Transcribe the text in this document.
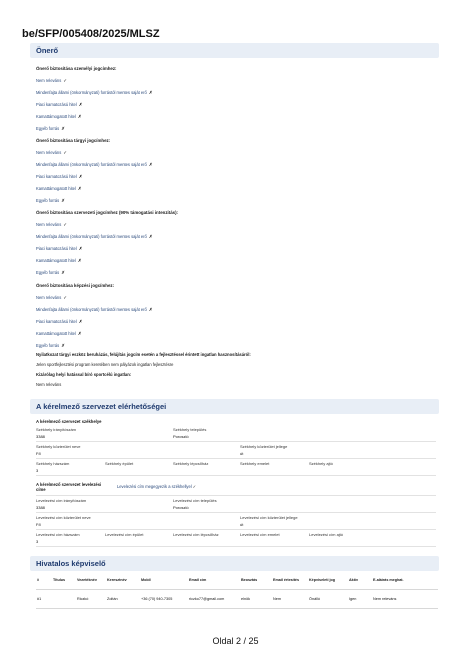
be/SFP/005408/2025/MLSZ
Önerő
Önerő biztosítása személyi jogcímhez:
Nem releváns ✓
Mindenfajta állami (önkormányzati) forrástól mentes saját erő ✗
Piaci kamatozású hitel ✗
Kamattámogatott hitel ✗
Egyéb forrás ✗
Önerő biztosítása tárgyi jogcímhez:
Nem releváns ✓
Mindenfajta állami (önkormányzati) forrástól mentes saját erő ✗
Piaci kamatozású hitel ✗
Kamattámogatott hitel ✗
Egyéb forrás ✗
Önerő biztosítása szervezeti jogcímhez (90% támogatási intenzitás):
Nem releváns ✓
Mindenfajta állami (önkormányzati) forrástól mentes saját erő ✗
Piaci kamatozású hitel ✗
Kamattámogatott hitel ✗
Egyéb forrás ✗
Önerő biztosítása képzési jogcímhez:
Nem releváns ✓
Mindenfajta állami (önkormányzati) forrástól mentes saját erő ✗
Piaci kamatozású hitel ✗
Kamattámogatott hitel ✗
Egyéb forrás ✗
Nyilatkozat tárgyi eszköz beruházás, felújítás jogcím esetén a fejlesztéssel érintett ingatlan hasznosításáról:
Jelen sportfejlesztési program keretében nem pályázok ingatlan fejlesztésre
Kizárólag helyi hatással bíró sportcélú ingatlan:
Nem releváns
A kérelmező szervezet elérhetőségei
A kérelmező szervezet székhelye
Székhely irányítószám
3388
Székhely település
Poroszló
Székhely közterület neve
Fő
Székhely közterület jellege
út
Székhely házszám
3
Székhely épület	Székhely lépcsőház	Székhely emelet	Székhely ajtó
A kérelmező szervezet levelezési címe
Levelezési cím megegyezik a székhellyel ✓
Levelezési cím irányítószám
3388
Levelezési cím település
Poroszló
Levelezési cím közterület neve
Fő
Levelezési cím közterület jellege
út
Levelezési cím házszám
3
Levelezési cím épület	Levelezési cím lépcsőház	Levelezési cím emelet	Levelezési cím ajtó
Hivatalos képviselő
#	Titulus	Vezetéknév	Keresztnév	Mobil	Email cím	Beosztás	Email értesítés	Képviseleti jog	Aktív	E-aláírás meghat.
#1		Riczkó	Zoltán	+36 (70) 940-7305	riczko77@gmail.com	elnök	Nem	Önálló	Igen	Nem releváns
Oldal 2 / 25
